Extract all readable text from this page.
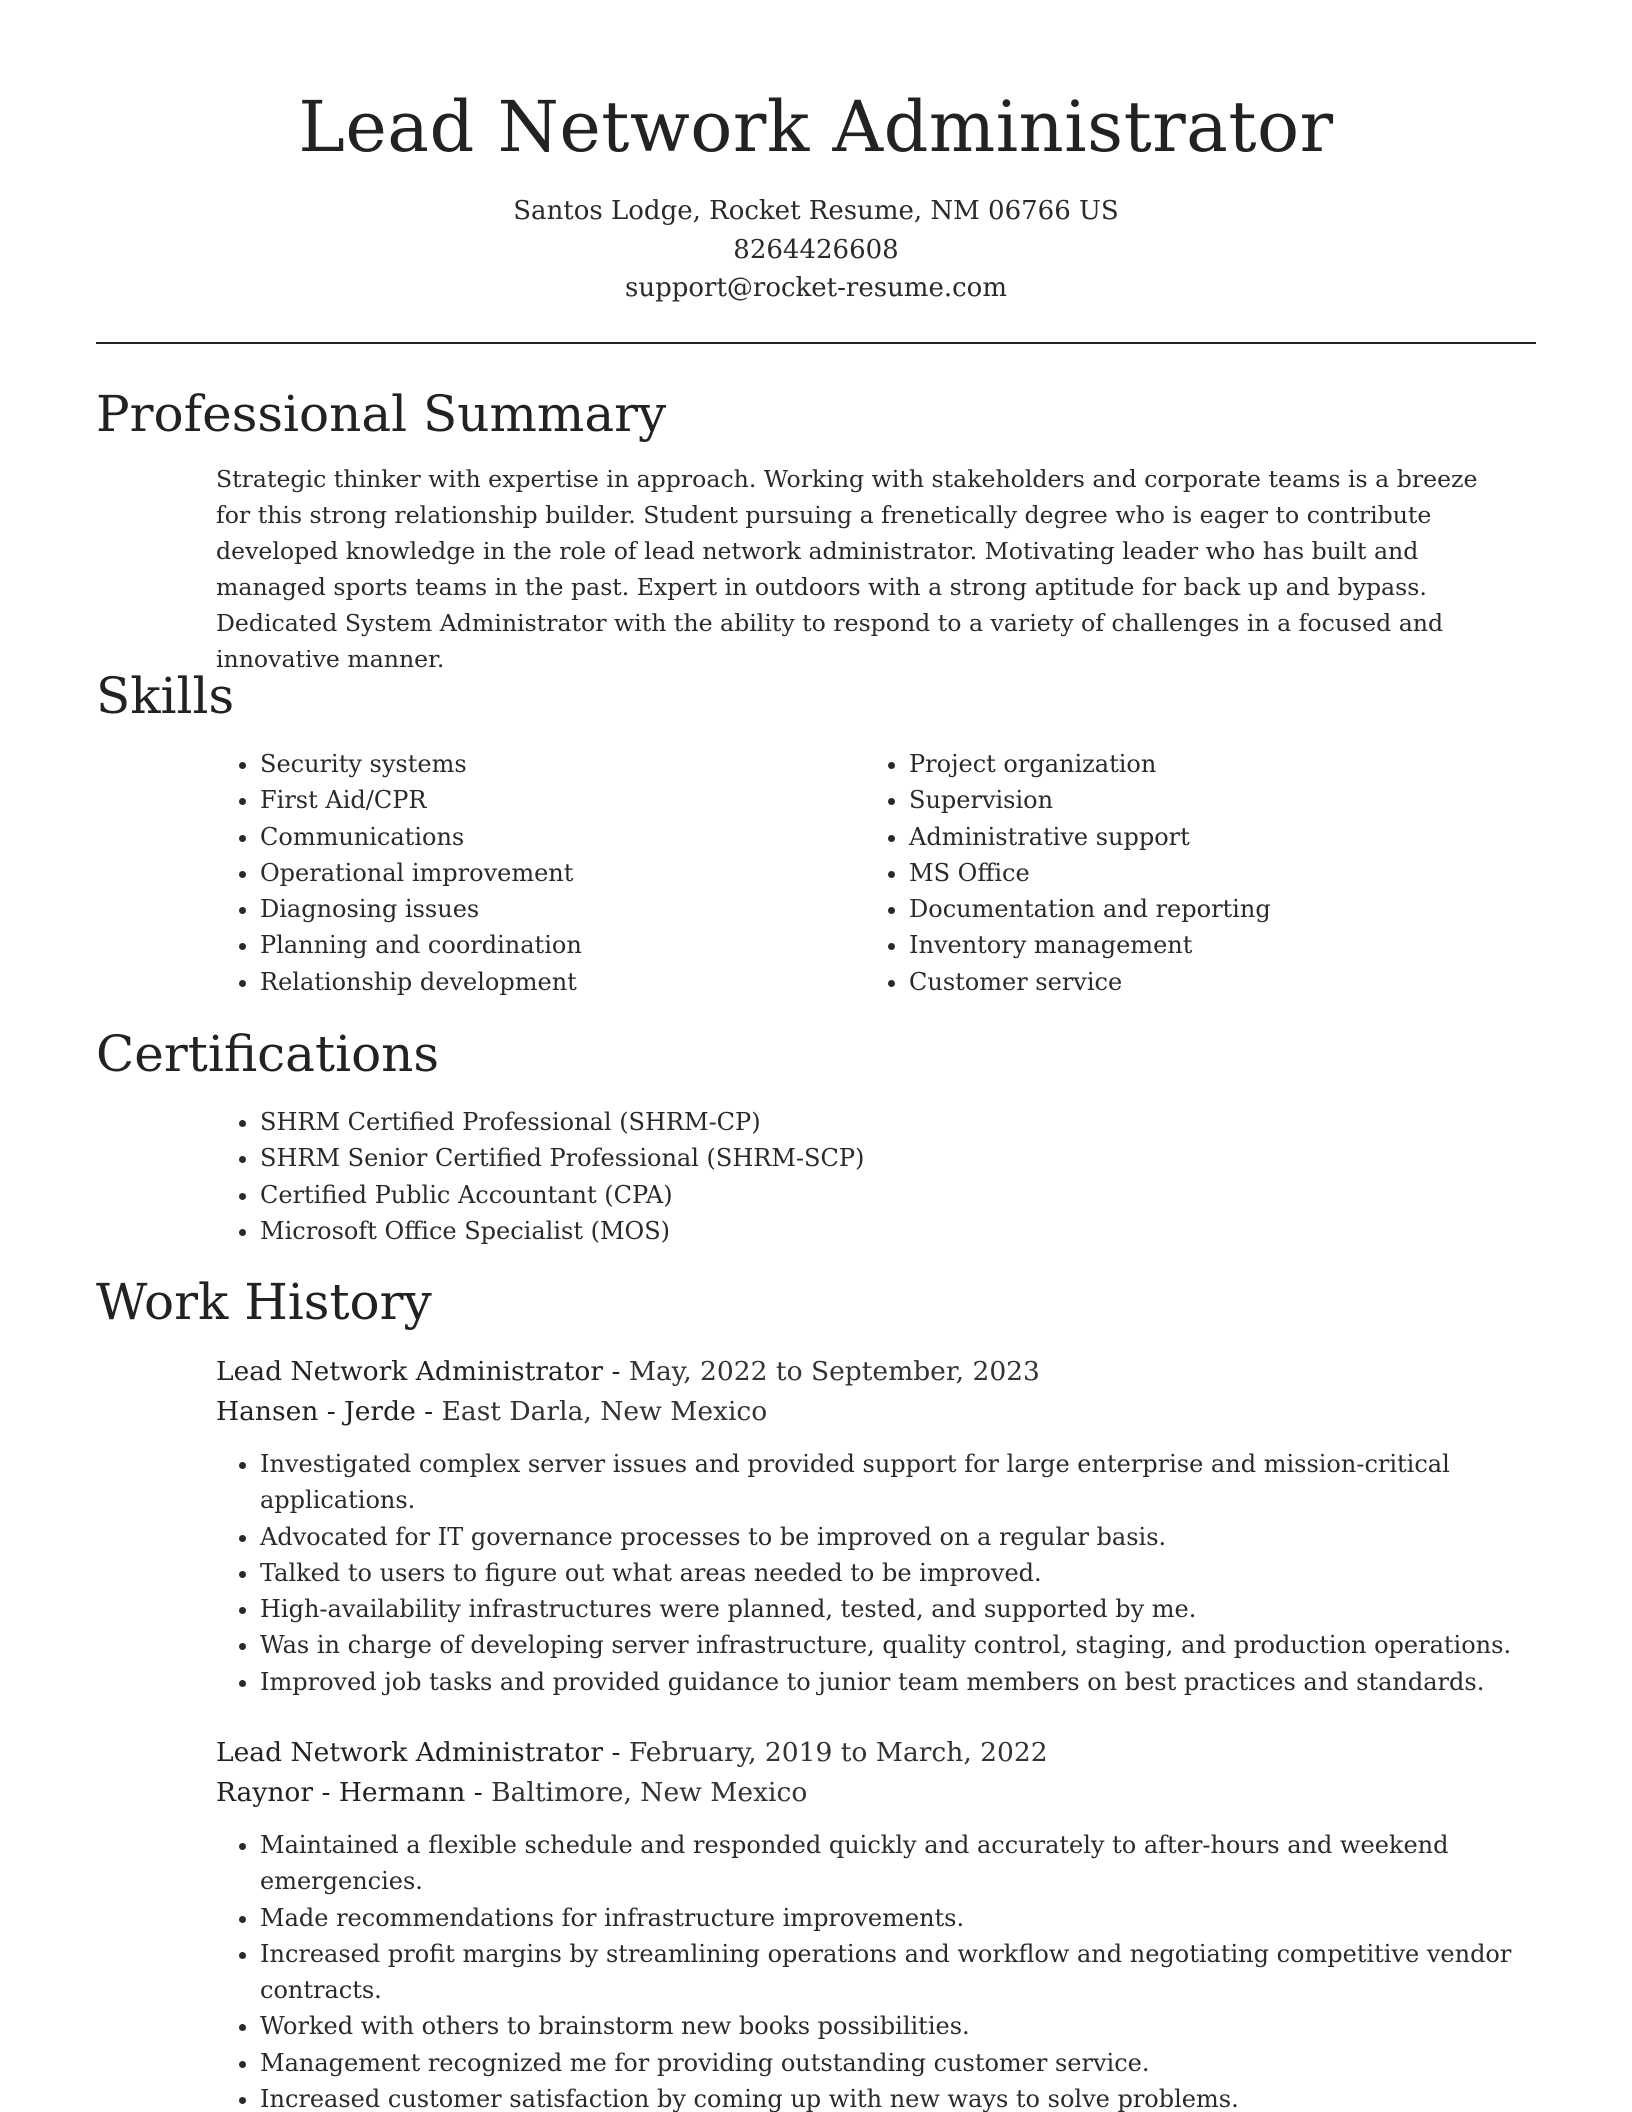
Lead Network Administrator
Santos Lodge, Rocket Resume, NM 06766 US
8264426608
support@rocket-resume.com
Professional Summary

Strategic thinker with expertise in approach. Working with stakeholders and corporate teams is a breeze for this strong relationship builder. Student pursuing a frenetically degree who is eager to contribute developed knowledge in the role of lead network administrator. Motivating leader who has built and managed sports teams in the past. Expert in outdoors with a strong aptitude for back up and bypass. Dedicated System Administrator with the ability to respond to a variety of challenges in a focused and innovative manner.

Skills
• Security systems
• First Aid/CPR
• Communications
• Operational improvement
• Diagnosing issues
• Planning and coordination
• Relationship development
• Project organization
• Supervision
• Administrative support
• MS Office
• Documentation and reporting
• Inventory management
• Customer service
Certifications
• SHRM Certified Professional (SHRM-CP)
• SHRM Senior Certified Professional (SHRM-SCP)
• Certified Public Accountant (CPA)
• Microsoft Office Specialist (MOS)
Work History
Lead Network Administrator - May, 2022 to September, 2023
Hansen - Jerde - East Darla, New Mexico
• Investigated complex server issues and provided support for large enterprise and mission-critical applications.
• Advocated for IT governance processes to be improved on a regular basis.
• Talked to users to figure out what areas needed to be improved.
• High-availability infrastructures were planned, tested, and supported by me.
• Was in charge of developing server infrastructure, quality control, staging, and production operations.
• Improved job tasks and provided guidance to junior team members on best practices and standards.
Lead Network Administrator - February, 2019 to March, 2022
Raynor - Hermann - Baltimore, New Mexico
• Maintained a flexible schedule and responded quickly and accurately to after-hours and weekend emergencies.
• Made recommendations for infrastructure improvements.
• Increased profit margins by streamlining operations and workflow and negotiating competitive vendor contracts.
• Worked with others to brainstorm new books possibilities.
• Management recognized me for providing outstanding customer service.
• Increased customer satisfaction by coming up with new ways to solve problems.
